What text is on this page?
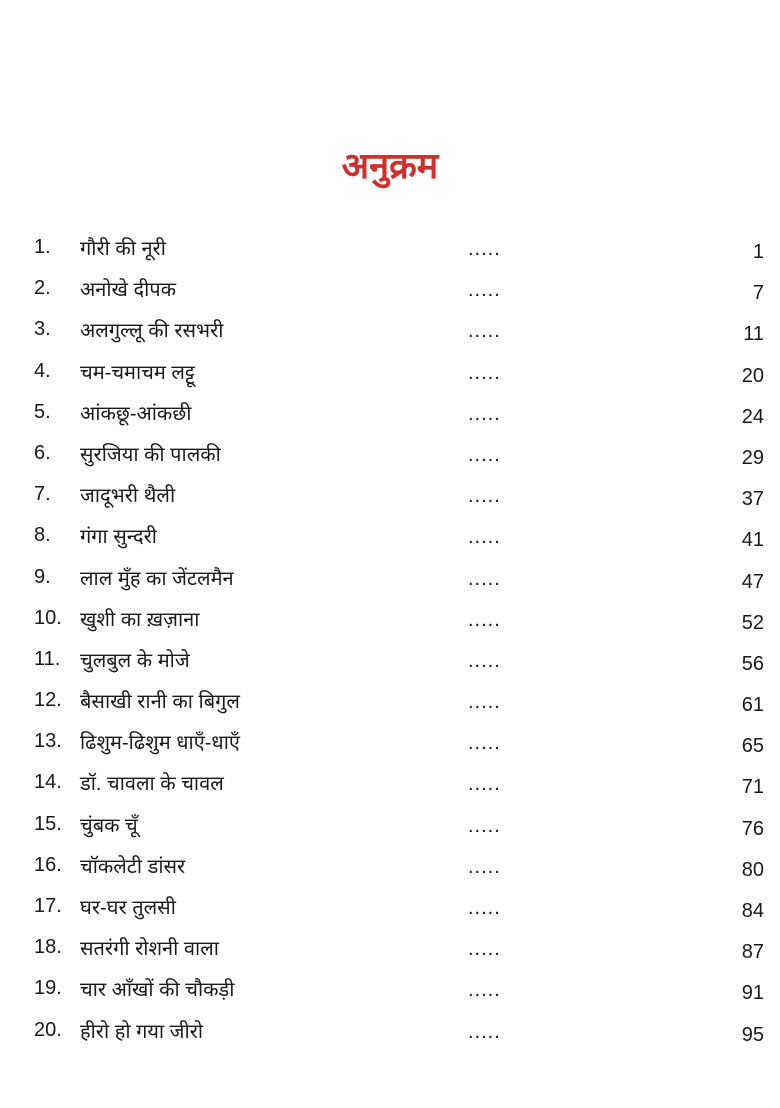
अनुक्रम
1. गौरी की नूरी	.....	1
2. अनोखे दीपक	.....	7
3. अलगुल्लू की रसभरी	.....	11
4. चम-चमाचम लट्टू	.....	20
5. आंकछू-आंकछी	.....	24
6. सुरजिया की पालकी	.....	29
7. जादूभरी थैली	.....	37
8. गंगा सुन्दरी	.....	41
9. लाल मुँह का जेंटलमैन	.....	47
10. खुशी का ख़ज़ाना	.....	52
11. चुलबुल के मोजे	.....	56
12. बैसाखी रानी का बिगुल	.....	61
13. ढिशुम-ढिशुम धाएँ-धाएँ	.....	65
14. डॉ. चावला के चावल	.....	71
15. चुंबक चूँ	.....	76
16. चॉकलेटी डांसर	.....	80
17. घर-घर तुलसी	.....	84
18. सतरंगी रोशनी वाला	.....	87
19. चार आँखों की चौकड़ी	.....	91
20. हीरो हो गया जीरो	.....	95
